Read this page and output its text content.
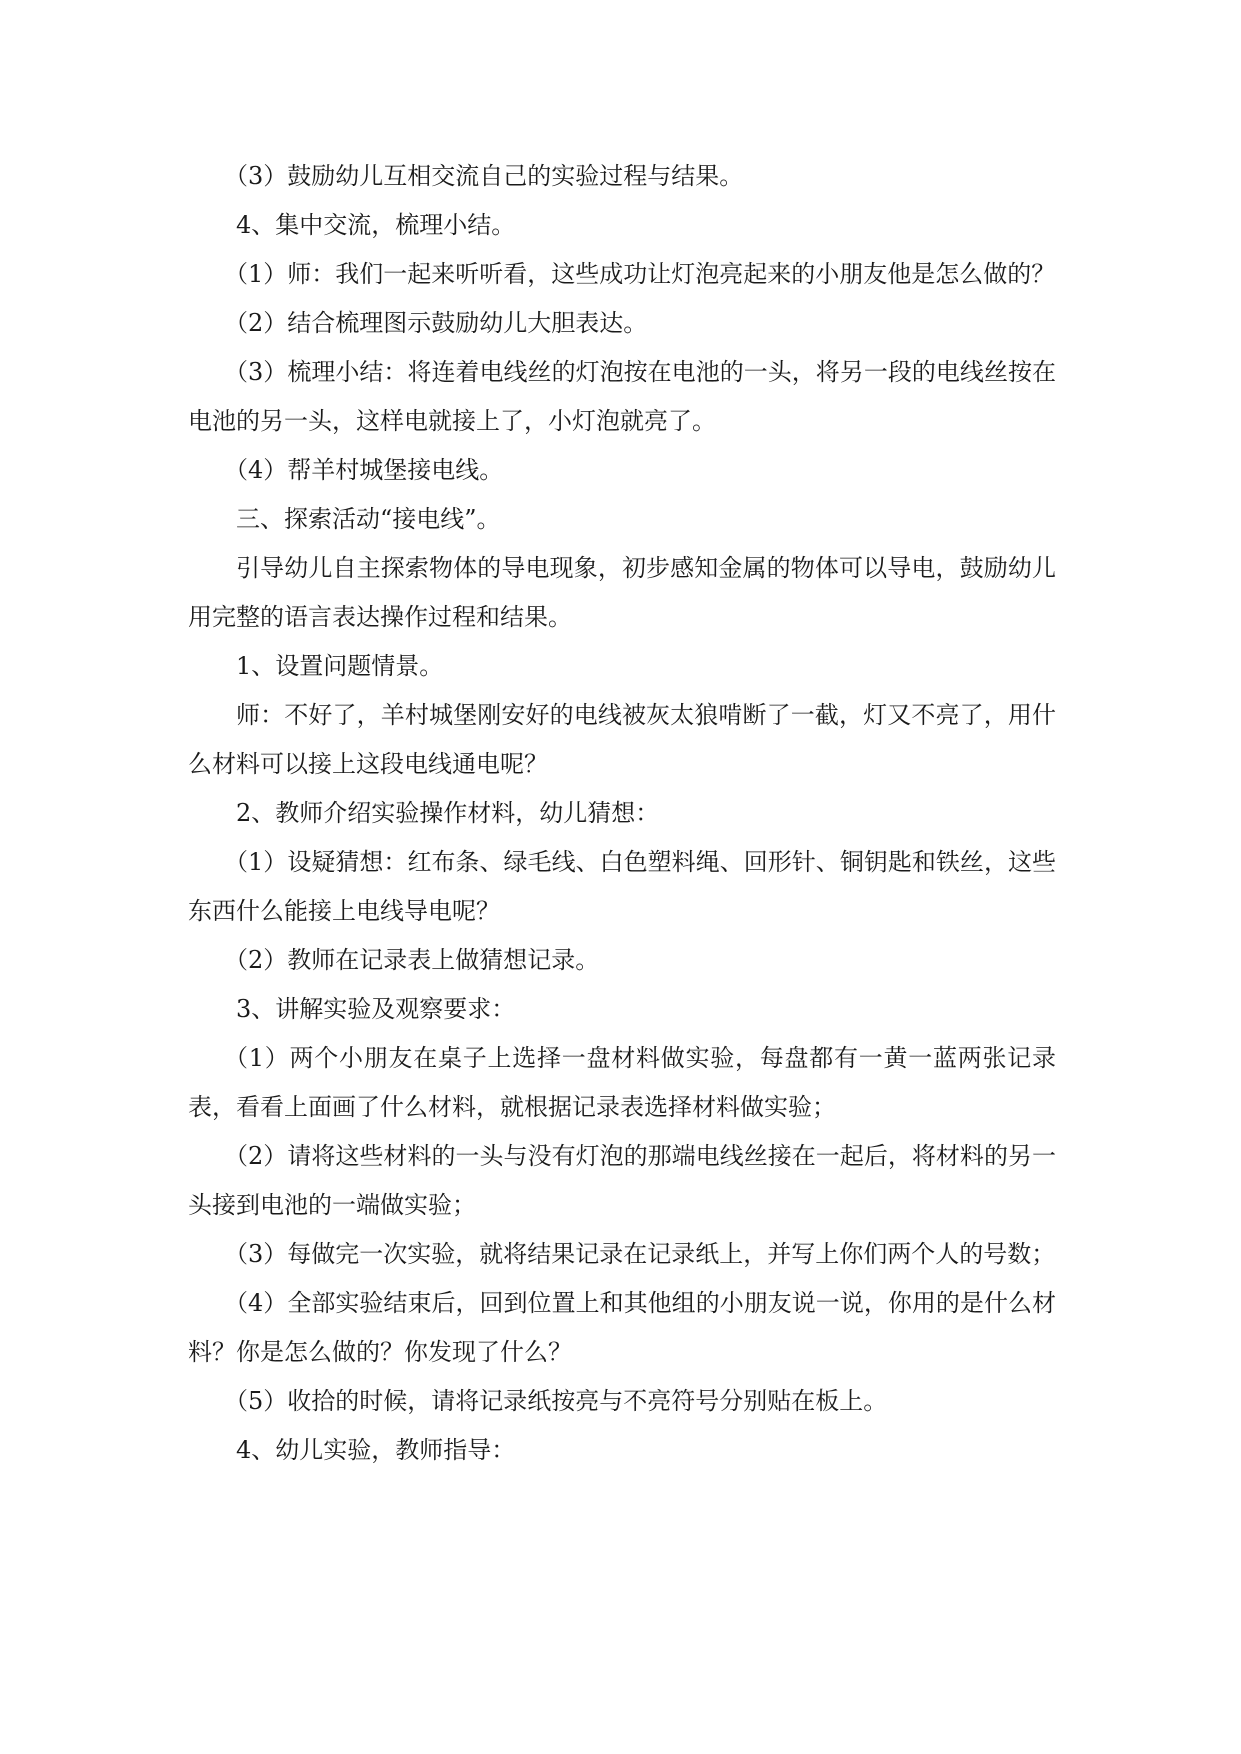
（3）鼓励幼儿互相交流自己的实验过程与结果。

4、集中交流，梳理小结。

（1）师：我们一起来听听看，这些成功让灯泡亮起来的小朋友他是怎么做的？

（2）结合梳理图示鼓励幼儿大胆表达。

（3）梳理小结：将连着电线丝的灯泡按在电池的一头，将另一段的电线丝按在电池的另一头，这样电就接上了，小灯泡就亮了。

（4）帮羊村城堡接电线。

三、探索活动“接电线”。

引导幼儿自主探索物体的导电现象，初步感知金属的物体可以导电，鼓励幼儿用完整的语言表达操作过程和结果。

1、设置问题情景。

师：不好了，羊村城堡刚安好的电线被灰太狼啃断了一截，灯又不亮了，用什么材料可以接上这段电线通电呢？

2、教师介绍实验操作材料，幼儿猜想：

（1）设疑猜想：红布条、绿毛线、白色塑料绳、回形针、铜钥匙和铁丝，这些东西什么能接上电线导电呢？

（2）教师在记录表上做猜想记录。

3、讲解实验及观察要求：

（1）两个小朋友在桌子上选择一盘材料做实验，每盘都有一黄一蓝两张记录表，看看上面画了什么材料，就根据记录表选择材料做实验；

（2）请将这些材料的一头与没有灯泡的那端电线丝接在一起后，将材料的另一头接到电池的一端做实验；

（3）每做完一次实验，就将结果记录在记录纸上，并写上你们两个人的号数；

（4）全部实验结束后，回到位置上和其他组的小朋友说一说，你用的是什么材料？你是怎么做的？你发现了什么？

（5）收拾的时候，请将记录纸按亮与不亮符号分别贴在板上。

4、幼儿实验，教师指导：
